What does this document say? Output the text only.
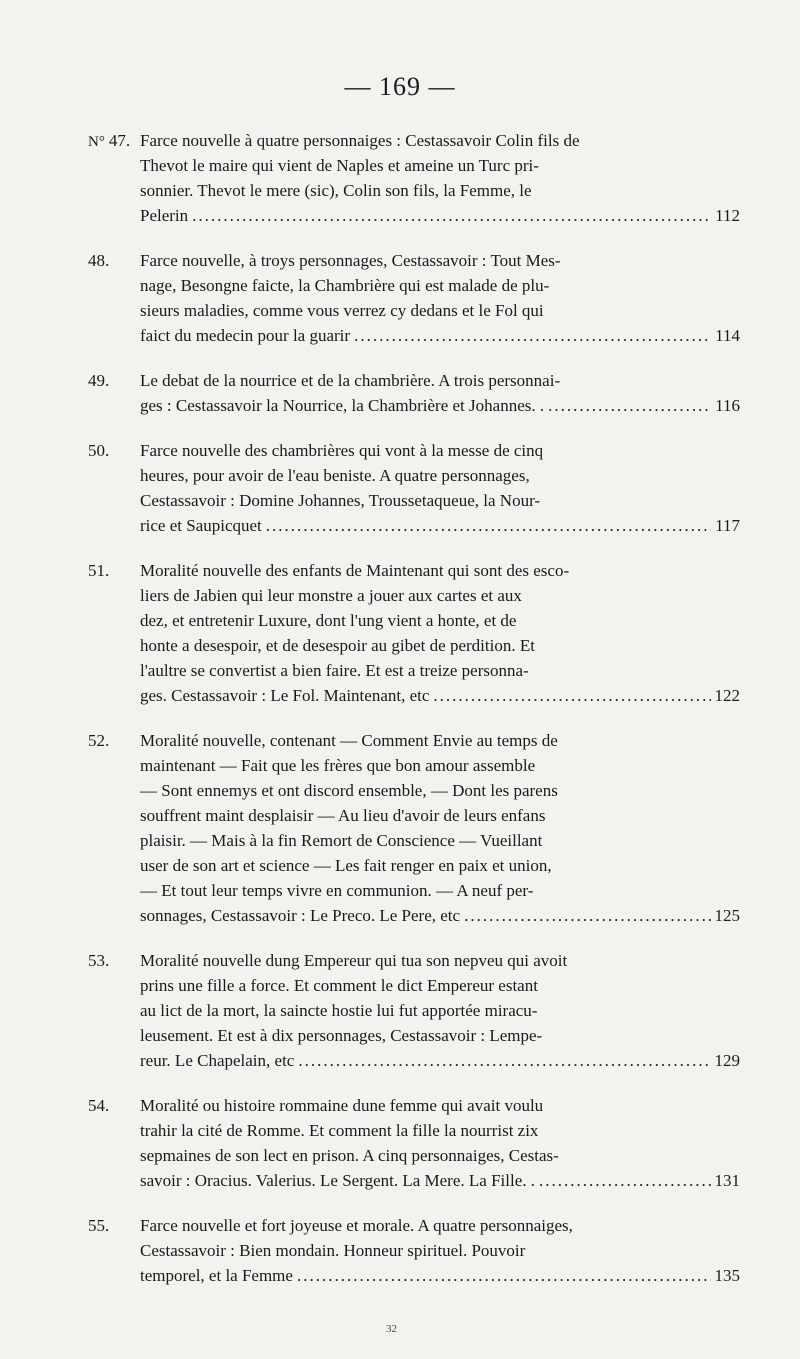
— 169 —
N° 47. Farce nouvelle à quatre personnaiges : Cestassavoir Colin fils de
Thevot le maire qui vient de Naples et ameine un Turc pri-
sonnier. Thevot le mere (sic), Colin son fils, la Femme, le
Pelerin .....	112
48. Farce nouvelle, à troys personnages, Cestassavoir : Tout Mes-
nage, Besongne faicte, la Chambrière qui est malade de plu-
sieurs maladies, comme vous verrez cy dedans et le Fol qui
faict du medecin pour la guarir .....	114
49. Le debat de la nourrice et de la chambrière. A trois personnai-
ges : Cestassavoir la Nourrice, la Chambrière et Johannes. . .....	116
50. Farce nouvelle des chambrières qui vont à la messe de cinq
heures, pour avoir de l'eau beniste. A quatre personnages,
Cestassavoir : Domine Johannes, Troussetaqueue, la Nour-
rice et Saupicquet .....	117
51. Moralité nouvelle des enfants de Maintenant qui sont des esco-
liers de Jabien qui leur monstre a jouer aux cartes et aux
dez, et entretenir Luxure, dont l'ung vient a honte, et de
honte a desespoir, et de desespoir au gibet de perdition. Et
l'aultre se convertist a bien faire. Et est a treize personna-
ges. Cestassavoir : Le Fol. Maintenant, etc .....	122
52. Moralité nouvelle, contenant — Comment Envie au temps de
maintenant — Fait que les frères que bon amour assemble
— Sont ennemys et ont discord ensemble, — Dont les parens
souffrent maint desplaisir — Au lieu d'avoir de leurs enfans
plaisir. — Mais à la fin Remort de Conscience — Vueillant
user de son art et science — Les fait renger en paix et union,
— Et tout leur temps vivre en communion. — A neuf per-
sonnages, Cestassavoir : Le Preco. Le Pere, etc .....	125
53. Moralité nouvelle dung Empereur qui tua son nepveu qui avoit
prins une fille a force. Et comment le dict Empereur estant
au lict de la mort, la saincte hostie lui fut apportée miracu-
leusement. Et est à dix personnages, Cestassavoir : Lempe-
reur. Le Chapelain, etc .....	129
54. Moralité ou histoire rommaine dune femme qui avait voulu
trahir la cité de Romme. Et comment la fille la nourrist zix
sepmaines de son lect en prison. A cinq personnaiges, Cestas-
savoir : Oracius. Valerius. Le Sergent. La Mere. La Fille. . .....	131
55. Farce nouvelle et fort joyeuse et morale. A quatre personnaiges,
Cestassavoir : Bien mondain. Honneur spirituel. Pouvoir
temporel, et la Femme .....	135
32
